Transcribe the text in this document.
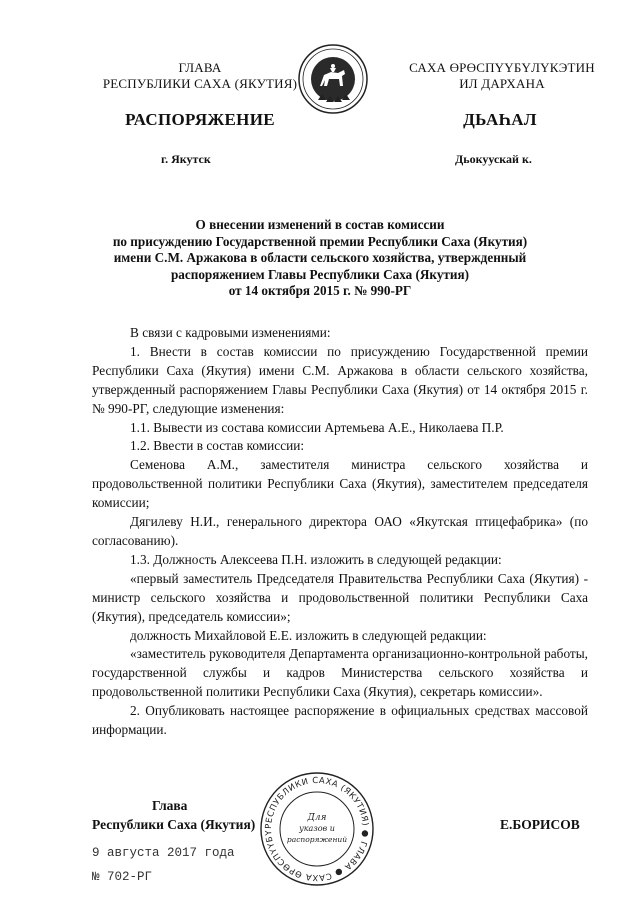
ГЛАВА
РЕСПУБЛИКИ САХА (ЯКУТИЯ)
САХА ӨРӨСПҮҮБҮЛҮКЭТИН
ИЛ ДАРХАНА
РАСПОРЯЖЕНИЕ	ДЬАҺАЛ
г. Якутск	Дьокуускай к.
О внесении изменений в состав комиссии
по присуждению Государственной премии Республики Саха (Якутия)
имени С.М. Аржакова в области сельского хозяйства, утвержденный
распоряжением Главы Республики Саха (Якутия)
от 14 октября 2015 г. № 990-РГ

В связи с кадровыми изменениями:

1. Внести в состав комиссии по присуждению Государственной премии Республики Саха (Якутия) имени С.М. Аржакова в области сельского хозяйства, утвержденный распоряжением Главы Республики Саха (Якутия) от 14 октября 2015 г. № 990-РГ, следующие изменения:

1.1. Вывести из состава комиссии Артемьева А.Е., Николаева П.Р.

1.2. Ввести в состав комиссии:

Семенова А.М., заместителя министра сельского хозяйства и продовольственной политики Республики Саха (Якутия), заместителем председателя комиссии;

Дягилеву Н.И., генерального директора ОАО «Якутская птицефабрика» (по согласованию).

1.3. Должность Алексеева П.Н. изложить в следующей редакции:

«первый заместитель Председателя Правительства Республики Саха (Якутия) - министр сельского хозяйства и продовольственной политики Республики Саха (Якутия), председатель комиссии»;

должность Михайловой Е.Е. изложить в следующей редакции:

«заместитель руководителя Департамента организационно-контрольной работы, государственной службы и кадров Министерства сельского хозяйства и продовольственной политики Республики Саха (Якутия), секретарь комиссии».

2. Опубликовать настоящее распоряжение в официальных средствах массовой информации.

РЕСПУБЛИКИ САХА (ЯКУТИЯ) ● ГЛАВА ● САХА ӨРӨСПҮҮБҮ
Для
указов и
распоряжений
Глава
Республики Саха (Якутия)	Е.БОРИСОВ
9 августа 2017 года
№ 702-РГ
